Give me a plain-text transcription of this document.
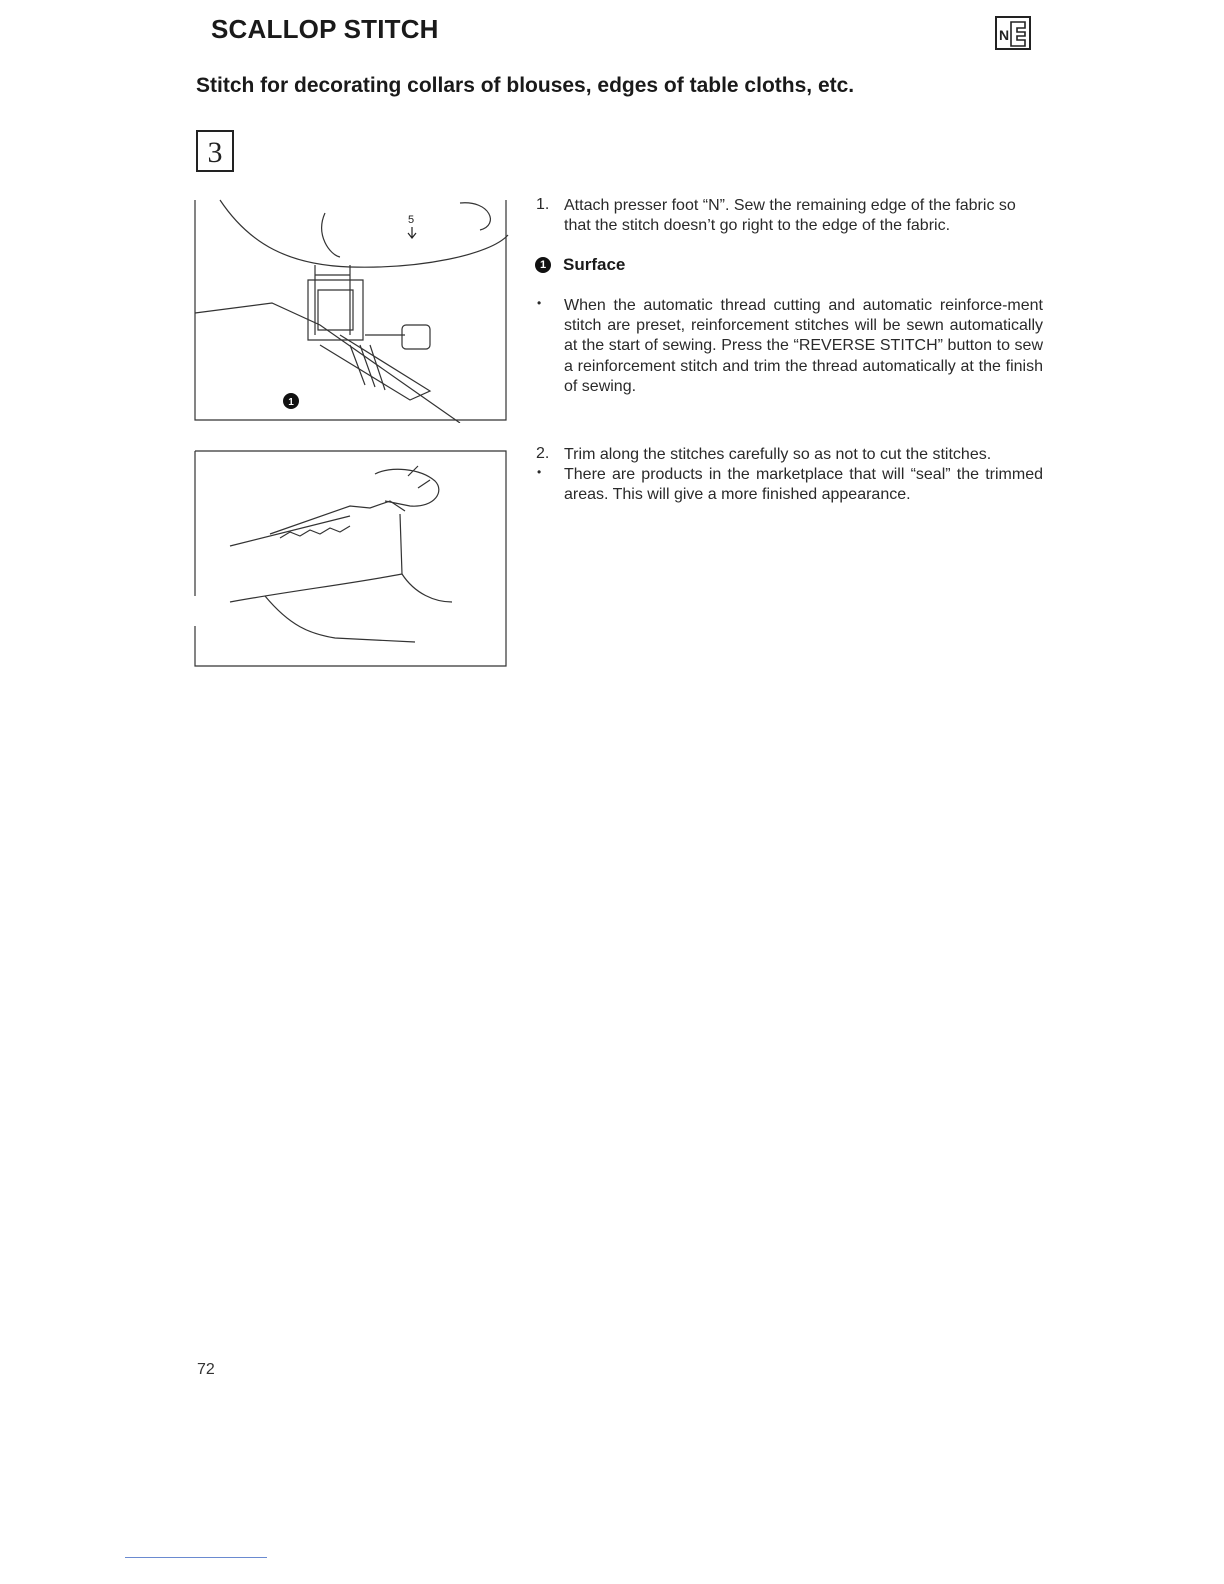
SCALLOP STITCH	N
Stitch for decorating collars of blouses, edges of table cloths, etc.
3
5
1
1. Attach presser foot “N”. Sew the remaining edge of the fabric so that the stitch doesn’t go right to the edge of the fabric.
1 Surface
• When the automatic thread cutting and automatic reinforce-ment stitch are preset, reinforcement stitches will be sewn automatically at the start of sewing. Press the “REVERSE STITCH” button to sew a reinforcement stitch and trim the thread automatically at the finish of sewing.
2. Trim along the stitches carefully so as not to cut the stitches.
• There are products in the marketplace that will “seal” the trimmed areas. This will give a more finished appearance.
72
